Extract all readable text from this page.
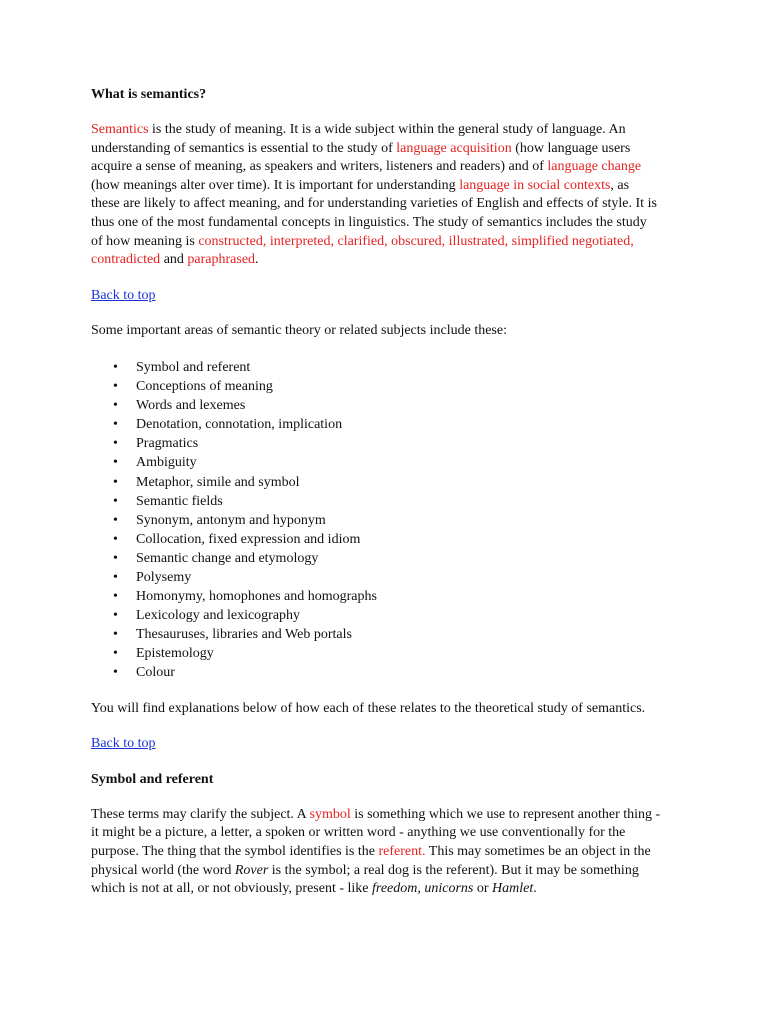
What is semantics?

Semantics is the study of meaning. It is a wide subject within the general study of language. An understanding of semantics is essential to the study of language acquisition (how language users acquire a sense of meaning, as speakers and writers, listeners and readers) and of language change (how meanings alter over time). It is important for understanding language in social contexts, as these are likely to affect meaning, and for understanding varieties of English and effects of style. It is thus one of the most fundamental concepts in linguistics. The study of semantics includes the study of how meaning is constructed, interpreted, clarified, obscured, illustrated, simplified negotiated, contradicted and paraphrased.

Back to top

Some important areas of semantic theory or related subjects include these:

• Symbol and referent
• Conceptions of meaning
• Words and lexemes
• Denotation, connotation, implication
• Pragmatics
• Ambiguity
• Metaphor, simile and symbol
• Semantic fields
• Synonym, antonym and hyponym
• Collocation, fixed expression and idiom
• Semantic change and etymology
• Polysemy
• Homonymy, homophones and homographs
• Lexicology and lexicography
• Thesauruses, libraries and Web portals
• Epistemology
• Colour

You will find explanations below of how each of these relates to the theoretical study of semantics.

Back to top

Symbol and referent

These terms may clarify the subject. A symbol is something which we use to represent another thing - it might be a picture, a letter, a spoken or written word - anything we use conventionally for the purpose. The thing that the symbol identifies is the referent. This may sometimes be an object in the physical world (the word Rover is the symbol; a real dog is the referent). But it may be something which is not at all, or not obviously, present - like freedom, unicorns or Hamlet.
